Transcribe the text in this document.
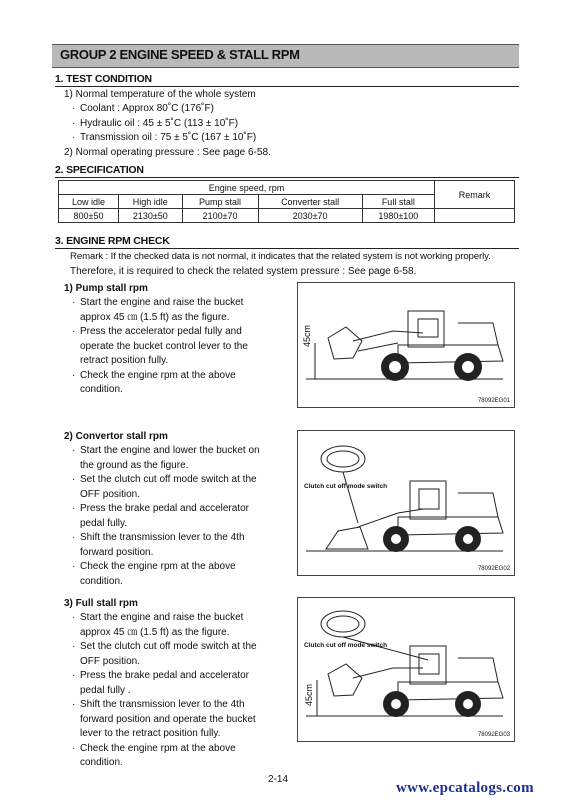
GROUP 2 ENGINE SPEED & STALL RPM
1. TEST CONDITION
1) Normal temperature of the whole system
· Coolant : Approx 80˚C (176˚F)
· Hydraulic oil : 45 ± 5˚C (113 ± 10˚F)
· Transmission oil : 75 ± 5˚C (167 ± 10˚F)
2) Normal operating pressure : See page 6-58.
2. SPECIFICATION
Engine speed, rpm					Remark
Low idle	High idle	Pump stall	Converter stall	Full stall	
800±50	2130±50	2100±70	2030±70	1980±100	
3. ENGINE RPM CHECK
Remark : If the checked data is not normal, it indicates that the related system is not working properly.
Therefore, it is required to check the related system pressure : See page 6-58.
1) Pump stall rpm
· Start the engine and raise the bucket
approx 45 ㎝ (1.5 ft) as the figure.
· Press the accelerator pedal fully and
operate the bucket control lever to the
retract position fully.
· Check the engine rpm at the above
condition.
45cm
78092EG01
2) Convertor stall rpm
· Start the engine and lower the bucket on
the ground as the figure.
· Set the clutch cut off mode switch at the
OFF position.
· Press the brake pedal and accelerator
pedal fully.
· Shift the transmission lever to the 4th
forward position.
· Check the engine rpm at the above
condition.
Clutch cut off mode switch
78092EG02
3) Full stall rpm
· Start the engine and raise the bucket
approx 45 ㎝ (1.5 ft) as the figure.
· Set the clutch cut off mode switch at the
OFF position.
· Press the brake pedal and accelerator
pedal fully .
· Shift the transmission lever to the 4th
forward position and operate the bucket
lever to the retract position fully.
· Check the engine rpm at the above
condition.
Clutch cut off mode switch
45cm
78092EG03
2-14
www.epcatalogs.com
